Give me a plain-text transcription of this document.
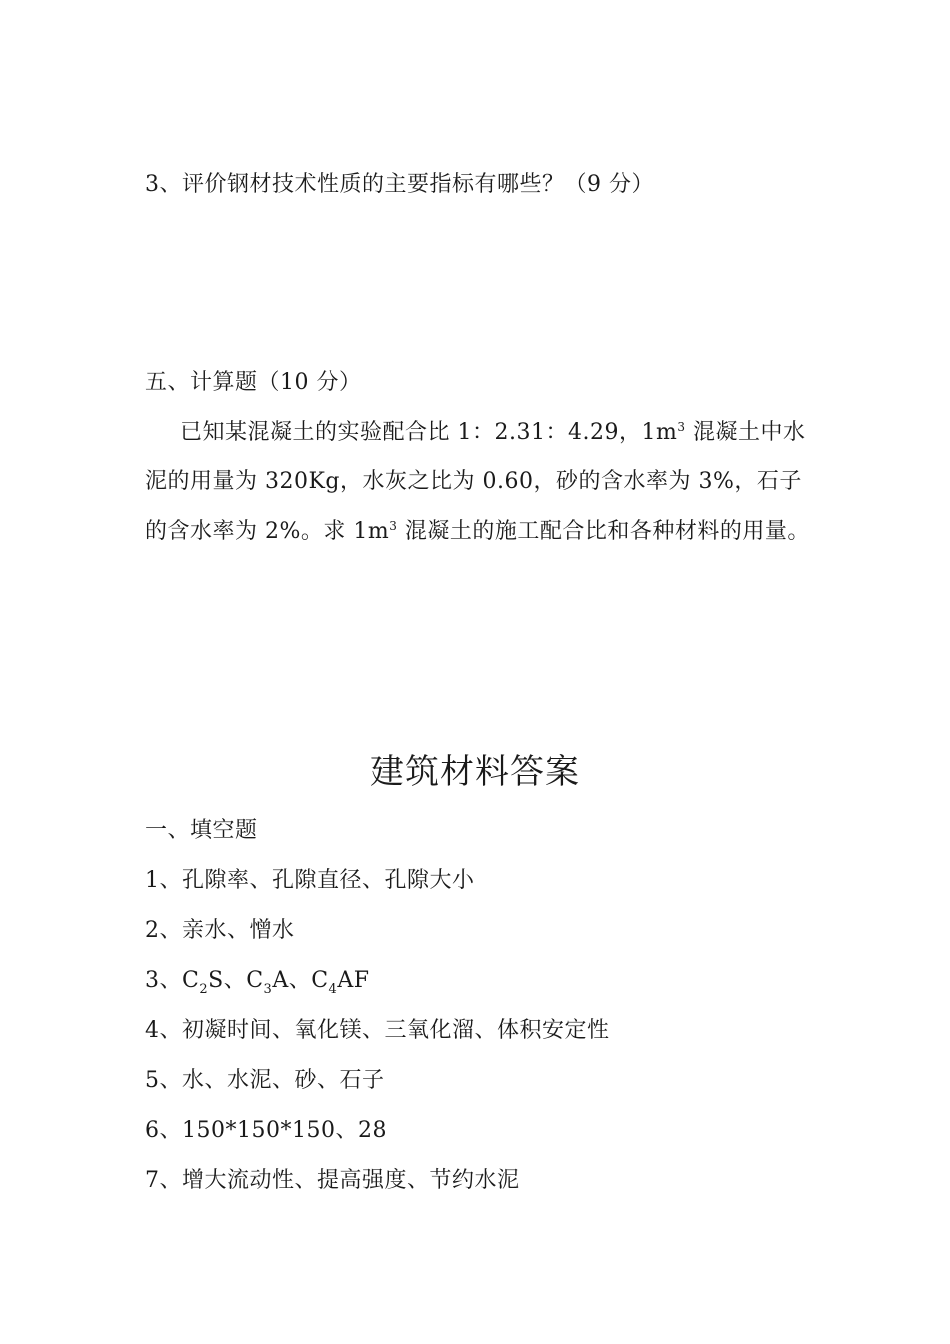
3、评价钢材技术性质的主要指标有哪些？（9 分）
五、计算题（10 分）
已知某混凝土的实验配合比 1：2.31：4.29，$1m^3$ 混凝土中水
泥的用量为 320Kg，水灰之比为 0.60，砂的含水率为 3%，石子
的含水率为 2%。求 $1m^3$ 混凝土的施工配合比和各种材料的用量。
建筑材料答案
一、填空题
1、孔隙率、孔隙直径、孔隙大小
2、亲水、憎水
3、$C_2S$、$C_3A$、$C_4AF$
4、初凝时间、氧化镁、三氧化溜、体积安定性
5、水、水泥、砂、石子
6、150*150*150、28
7、增大流动性、提高强度、节约水泥
